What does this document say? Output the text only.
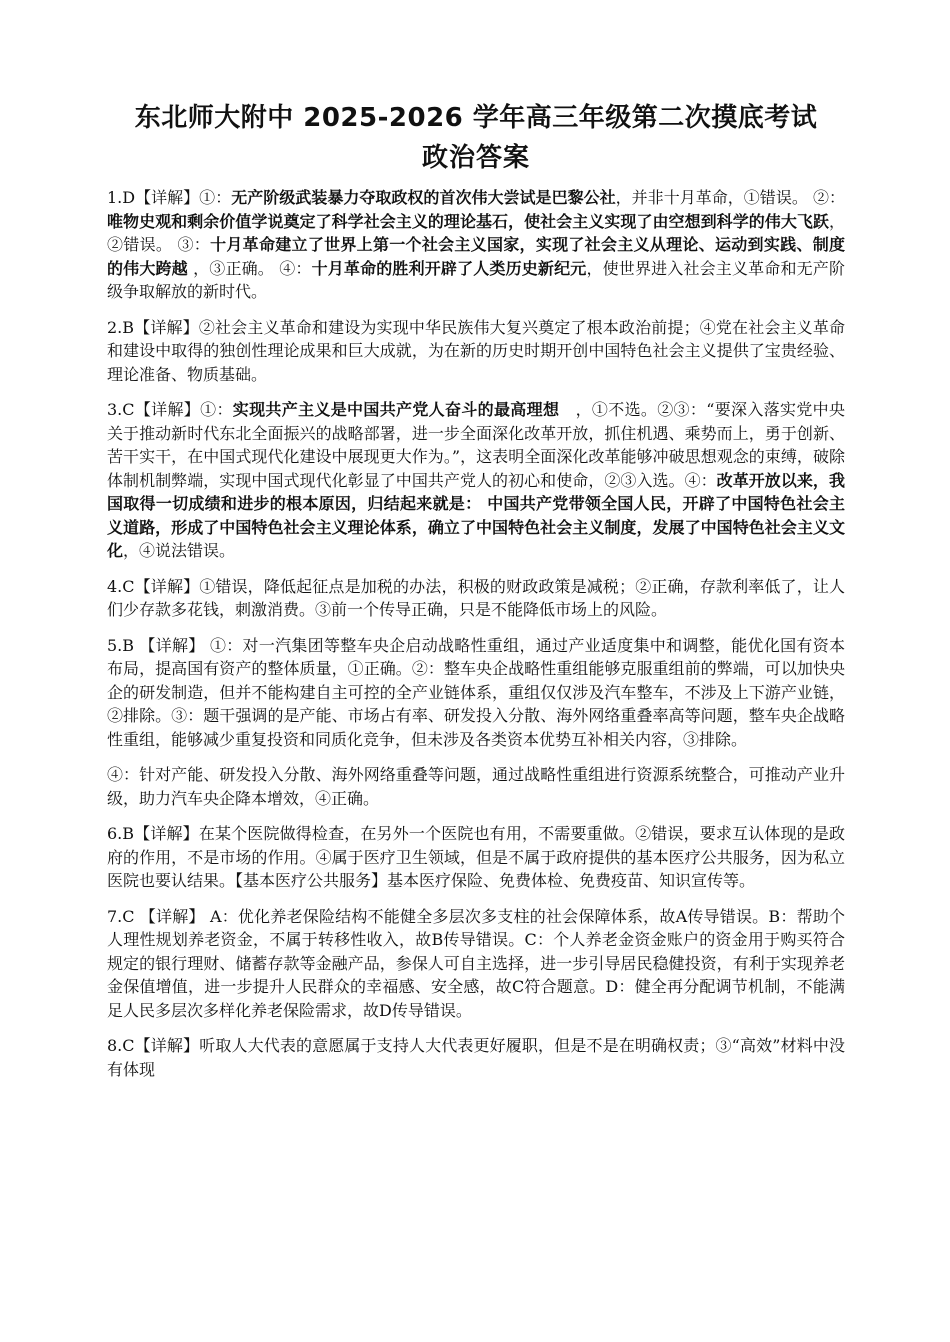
东北师大附中 2025-2026 学年高三年级第二次摸底考试
政治答案

1.D【详解】①：无产阶级武装暴力夺取政权的首次伟大尝试是巴黎公社，并非十月革命，①错误。 ②：唯物史观和剩余价值学说奠定了科学社会主义的理论基石，使社会主义实现了由空想到科学的伟大飞跃，②错误。 ③：十月革命建立了世界上第一个社会主义国家，实现了社会主义从理论、运动到实践、制度的伟大跨越 ，③正确。 ④：十月革命的胜利开辟了人类历史新纪元，使世界进入社会主义革命和无产阶级争取解放的新时代。

2.B【详解】②社会主义革命和建设为实现中华民族伟大复兴奠定了根本政治前提；④党在社会主义革命和建设中取得的独创性理论成果和巨大成就，为在新的历史时期开创中国特色社会主义提供了宝贵经验、理论准备、物质基础。

3.C【详解】①：实现共产主义是中国共产党人奋斗的最高理想　，①不选。②③：“要深入落实党中央关于推动新时代东北全面振兴的战略部署，进一步全面深化改革开放，抓住机遇、乘势而上，勇于创新、苦干实干，在中国式现代化建设中展现更大作为。”，这表明全面深化改革能够冲破思想观念的束缚，破除体制机制弊端，实现中国式现代化彰显了中国共产党人的初心和使命，②③入选。④：改革开放以来，我国取得一切成绩和进步的根本原因，归结起来就是： 中国共产党带领全国人民，开辟了中国特色社会主义道路，形成了中国特色社会主义理论体系，确立了中国特色社会主义制度，发展了中国特色社会主义文化，④说法错误。

4.C【详解】①错误，降低起征点是加税的办法，积极的财政政策是减税；②正确，存款利率低了，让人们少存款多花钱，刺激消费。③前一个传导正确，只是不能降低市场上的风险。

5.B 【详解】 ①：对一汽集团等整车央企启动战略性重组，通过产业适度集中和调整，能优化国有资本布局，提高国有资产的整体质量，①正确。②：整车央企战略性重组能够克服重组前的弊端，可以加快央企的研发制造，但并不能构建自主可控的全产业链体系，重组仅仅涉及汽车整车，不涉及上下游产业链，②排除。③：题干强调的是产能、市场占有率、研发投入分散、海外网络重叠率高等问题，整车央企战略性重组，能够减少重复投资和同质化竞争，但未涉及各类资本优势互补相关内容，③排除。

④：针对产能、研发投入分散、海外网络重叠等问题，通过战略性重组进行资源系统整合，可推动产业升级，助力汽车央企降本增效，④正确。

6.B【详解】在某个医院做得检查，在另外一个医院也有用，不需要重做。②错误，要求互认体现的是政府的作用，不是市场的作用。④属于医疗卫生领域，但是不属于政府提供的基本医疗公共服务，因为私立医院也要认结果。【基本医疗公共服务】基本医疗保险、免费体检、免费疫苗、知识宣传等。

7.C 【详解】 A：优化养老保险结构不能健全多层次多支柱的社会保障体系，故A传导错误。B：帮助个人理性规划养老资金，不属于转移性收入，故B传导错误。C：个人养老金资金账户的资金用于购买符合规定的银行理财、储蓄存款等金融产品，参保人可自主选择，进一步引导居民稳健投资，有利于实现养老金保值增值，进一步提升人民群众的幸福感、安全感，故C符合题意。D：健全再分配调节机制，不能满足人民多层次多样化养老保险需求，故D传导错误。

8.C【详解】听取人大代表的意愿属于支持人大代表更好履职，但是不是在明确权责；③“高效”材料中没有体现
